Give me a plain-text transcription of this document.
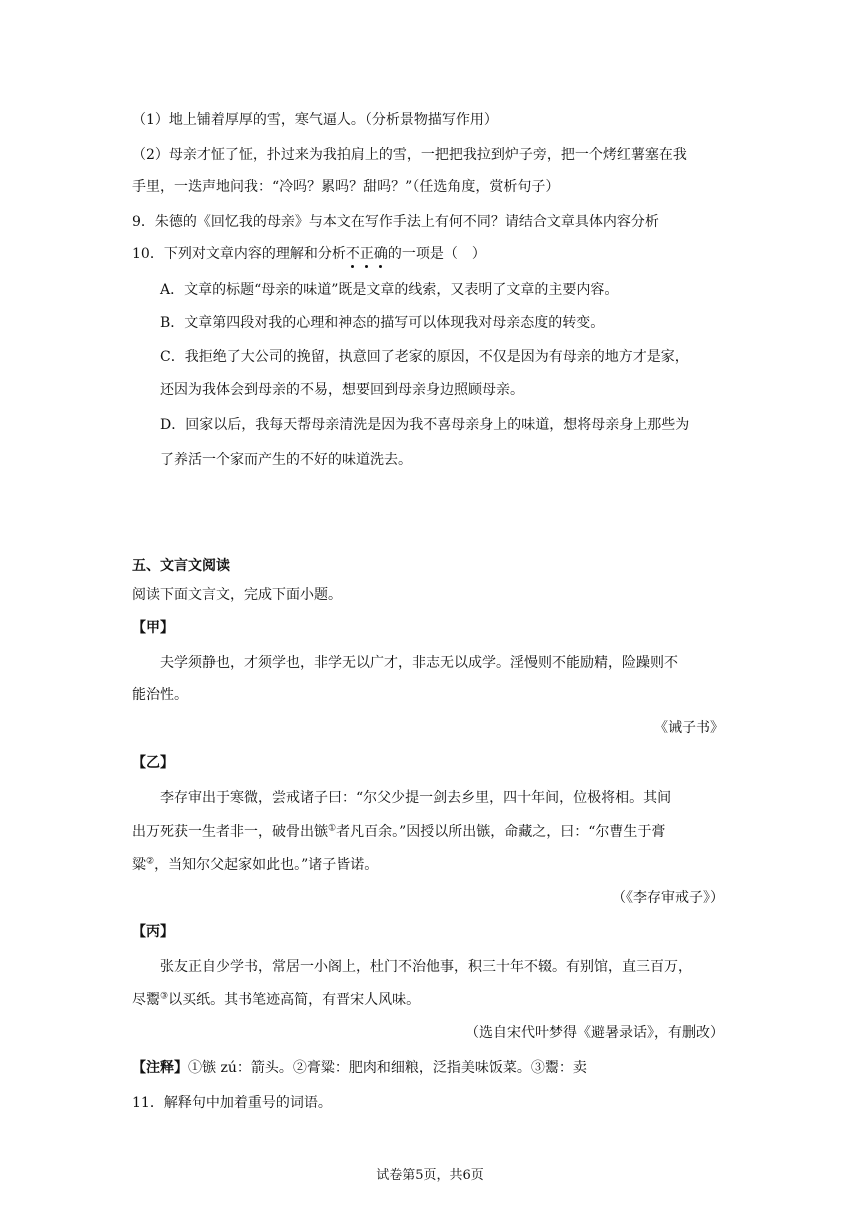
（1）地上铺着厚厚的雪，寒气逼人。（分析景物描写作用）
（2）母亲才怔了怔，扑过来为我拍肩上的雪，一把把我拉到炉子旁，把一个烤红薯塞在我
手里，一迭声地问我：“冷吗？累吗？甜吗？”（任选角度，赏析句子）
9．朱德的《回忆我的母亲》与本文在写作手法上有何不同？请结合文章具体内容分析
10．下列对文章内容的理解和分析不正确的一项是（　）
A．文章的标题“母亲的味道”既是文章的线索，又表明了文章的主要内容。
B．文章第四段对我的心理和神态的描写可以体现我对母亲态度的转变。
C．我拒绝了大公司的挽留，执意回了老家的原因，不仅是因为有母亲的地方才是家，
还因为我体会到母亲的不易，想要回到母亲身边照顾母亲。
D．回家以后，我每天帮母亲清洗是因为我不喜母亲身上的味道，想将母亲身上那些为
了养活一个家而产生的不好的味道洗去。
五、文言文阅读
阅读下面文言文，完成下面小题。
【甲】
夫学须静也，才须学也，非学无以广才，非志无以成学。淫慢则不能励精，险躁则不
能治性。
《诫子书》
【乙】
李存审出于寒微，尝戒诸子曰：“尔父少提一剑去乡里，四十年间，位极将相。其间
出万死获一生者非一，破骨出镞①者凡百余。”因授以所出镞，命藏之，曰：“尔曹生于膏
粱②，当知尔父起家如此也。”诸子皆诺。
（《李存审戒子》）
【丙】
张友正自少学书，常居一小阁上，杜门不治他事，积三十年不辍。有别馆，直三百万，
尽鬻③以买纸。其书笔迹高简，有晋宋人风味。
（选自宋代叶梦得《避暑录话》，有删改）
【注释】①镞 zú：箭头。②膏粱：肥肉和细粮，泛指美味饭菜。③鬻：卖
11．解释句中加着重号的词语。
试卷第5页，共6页
